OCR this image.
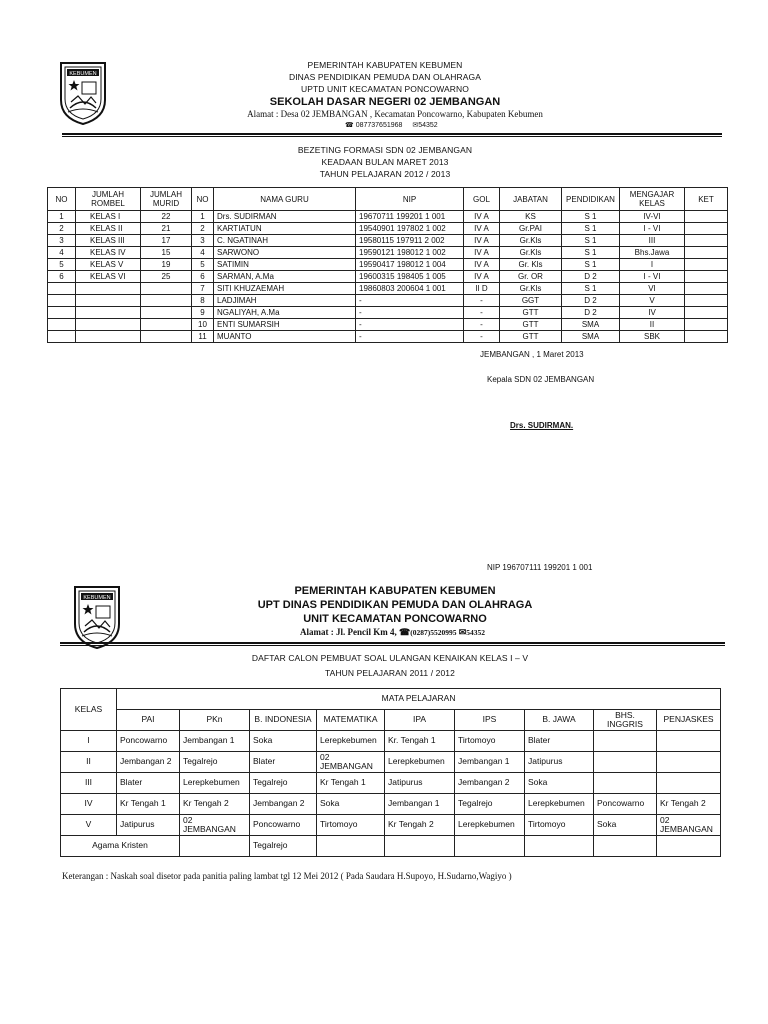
KEBUMEN
PEMERINTAH KABUPATEN KEBUMEN
DINAS PENDIDIKAN PEMUDA DAN OLAHRAGA
UPTD UNIT KECAMATAN PONCOWARNO
SEKOLAH DASAR NEGERI 02 JEMBANGAN
Alamat : Desa 02 JEMBANGAN , Kecamatan Poncowarno, Kabupaten Kebumen
☎ 087737651968 ✉54352
BEZETING FORMASI SDN 02 JEMBANGAN
KEADAAN BULAN MARET 2013
TAHUN PELAJARAN 2012 / 2013
NO	JUMLAH ROMBEL	JUMLAH MURID	NO	NAMA GURU	NIP	GOL	JABATAN	PENDIDIKAN	MENGAJAR KELAS	KET
1	KELAS I	22	1	Drs. SUDIRMAN	19670711 199201 1 001	IV A	KS	S 1	IV-VI	
2	KELAS II	21	2	KARTIATUN	19540901 197802 1 002	IV A	Gr.PAI	S 1	I - VI	
3	KELAS III	17	3	C. NGATINAH	19580115 197911 2 002	IV A	Gr.Kls	S 1	III	
4	KELAS IV	15	4	SARWONO	19590121 198012 1 002	IV A	Gr.Kls	S 1	Bhs.Jawa	
5	KELAS V	19	5	SATIMIN	19590417 198012 1 004	IV A	Gr. Kls	S 1	I	
6	KELAS VI	25	6	SARMAN, A.Ma	19600315 198405 1 005	IV A	Gr. OR	D 2	I - VI	
			7	SITI KHUZAEMAH	19860803 200604 1 001	II D	Gr.Kls	S 1	VI	
			8	LADJIMAH	-	-	GGT	D 2	V	
			9	NGALIYAH, A.Ma	-	-	GTT	D 2	IV	
			10	ENTI SUMARSIH	-	-	GTT	SMA	II	
			11	MUANTO	-	-	GTT	SMA	SBK	
JEMBANGAN , 1 Maret 2013
Kepala SDN 02 JEMBANGAN
Drs. SUDIRMAN.
NIP 196707111 199201 1 001
KEBUMEN
PEMERINTAH KABUPATEN KEBUMEN
UPT DINAS PENDIDIKAN PEMUDA DAN OLAHRAGA
UNIT KECAMATAN PONCOWARNO
Alamat : Jl. Pencil Km 4, ☎(0287)5520995 ✉54352
DAFTAR CALON PEMBUAT SOAL ULANGAN KENAIKAN KELAS I – V
TAHUN PELAJARAN 2011 / 2012
KELAS	MATA PELAJARAN								
	PAI	PKn	B. INDONESIA	MATEMATIKA	IPA	IPS	B. JAWA	BHS. INGGRIS	PENJASKES
I	Poncowarno	Jembangan 1	Soka	Lerepkebumen	Kr. Tengah 1	Tirtomoyo	Blater		
II	Jembangan 2	Tegalrejo	Blater	02 JEMBANGAN	Lerepkebumen	Jembangan 1	Jatipurus		
III	Blater	Lerepkebumen	Tegalrejo	Kr Tengah 1	Jatipurus	Jembangan 2	Soka		
IV	Kr Tengah 1	Kr Tengah 2	Jembangan 2	Soka	Jembangan 1	Tegalrejo	Lerepkebumen	Poncowarno	Kr Tengah 2
V	Jatipurus	02 JEMBANGAN	Poncowarno	Tirtomoyo	Kr Tengah 2	Lerepkebumen	Tirtomoyo	Soka	02 JEMBANGAN
Agama Kristen			Tegalrejo						
Keterangan : Naskah soal disetor pada panitia paling lambat tgl 12 Mei 2012 ( Pada Saudara H.Supoyo, H.Sudarno,Wagiyo )
